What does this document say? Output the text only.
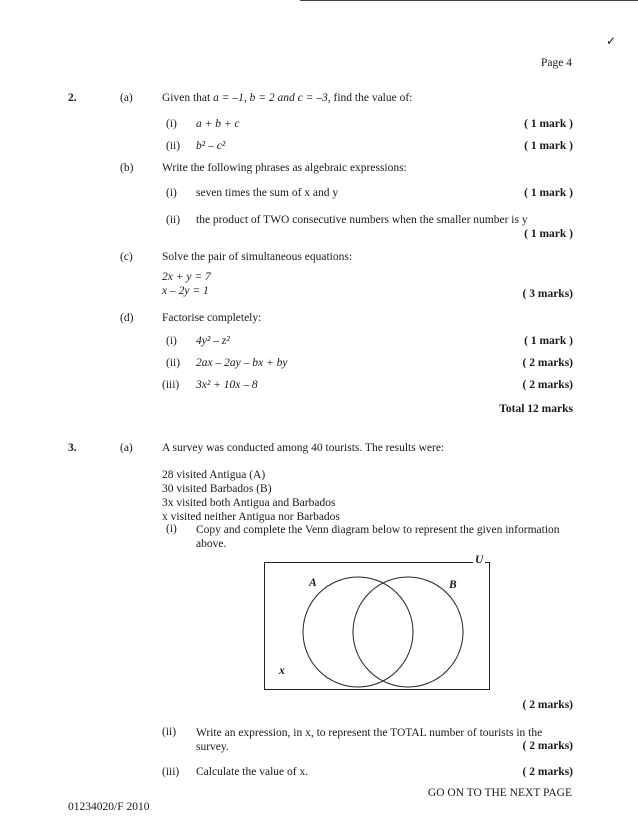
✓
Page 4
2.	(a)	Given that a = –1, b = 2 and c = –3, find the value of:
(i) a + b + c	( 1 mark )
(ii) b² – c²	( 1 mark )
(b) Write the following phrases as algebraic expressions:
(i) seven times the sum of x and y	( 1 mark )
(ii) the product of TWO consecutive numbers when the smaller number is y
( 1 mark )
(c)	Solve the pair of simultaneous equations:
2x + y = 7
x – 2y = 1	( 3 marks)
(d) Factorise completely:
(i) 4y² – z²	( 1 mark )
(ii) 2ax – 2ay – bx + by	( 2 marks)
(iii) 3x² + 10x – 8	( 2 marks)
Total 12 marks
3.	(a)	A survey was conducted among 40 tourists. The results were:
28 visited Antigua (A)
30 visited Barbados (B)
3x visited both Antigua and Barbados
x visited neither Antigua nor Barbados
(i) Copy and complete the Venn diagram below to represent the given information above.
U
A	B
x
( 2 marks)
(ii) Write an expression, in x, to represent the TOTAL number of tourists in the survey.	( 2 marks)
(iii) Calculate the value of x.	( 2 marks)
GO ON TO THE NEXT PAGE
01234020/F 2010
